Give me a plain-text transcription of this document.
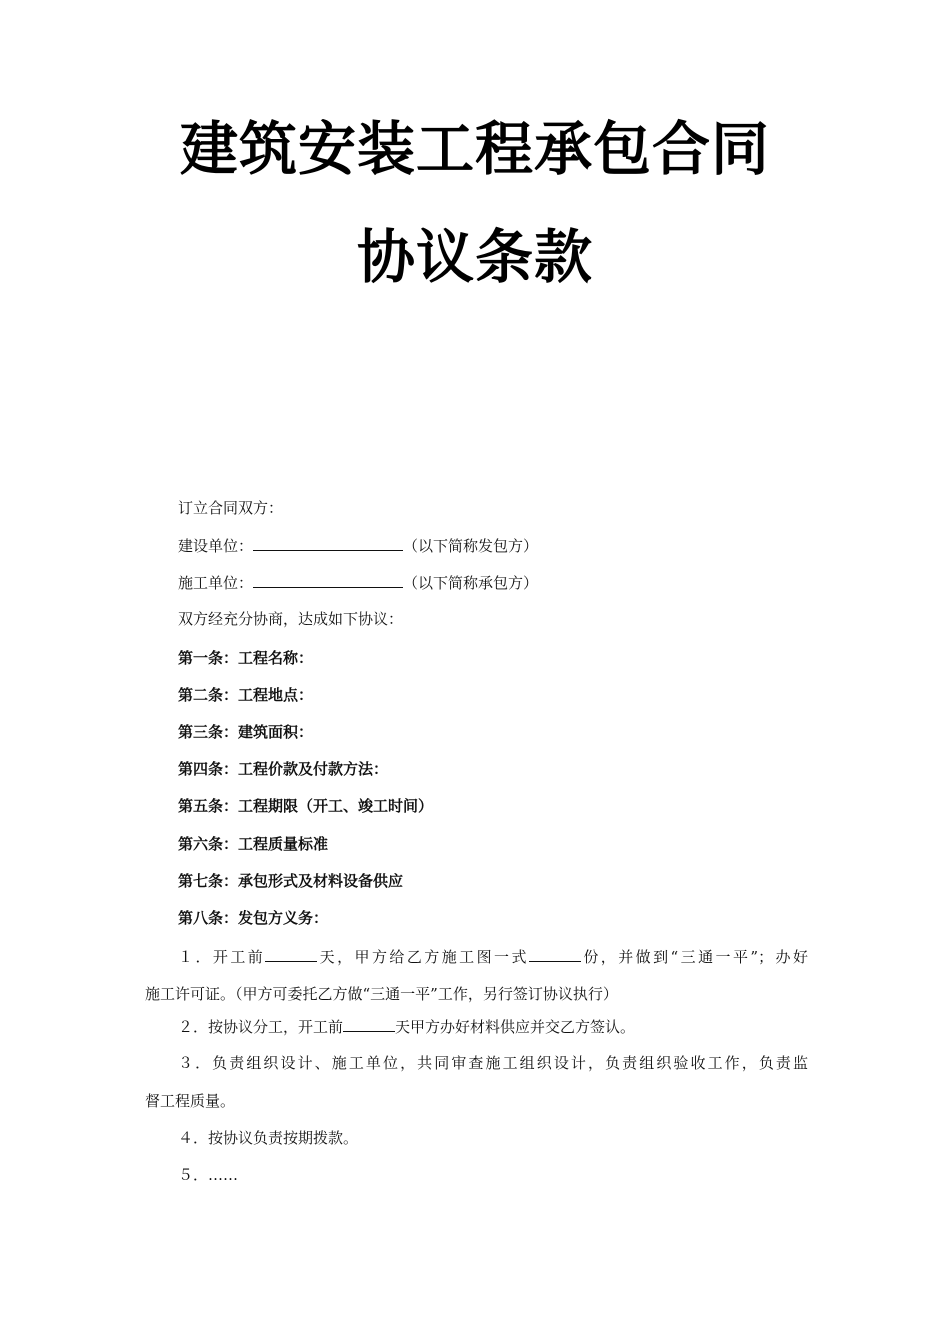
建筑安装工程承包合同
协议条款
订立合同双方：
建设单位：	（以下简称发包方）
施工单位：	（以下简称承包方）
双方经充分协商，达成如下协议：
第一条：工程名称：
第二条：工程地点：
第三条：建筑面积：
第四条：工程价款及付款方法：
第五条：工程期限（开工、竣工时间）
第六条：工程质量标准
第七条：承包形式及材料设备供应
第八条：发包方义务：
１．开工前	天，甲方给乙方施工图一式	份，并做到“三通一平”；办好
施工许可证。（甲方可委托乙方做“三通一平”工作，另行签订协议执行）
２．按协议分工，开工前	天甲方办好材料供应并交乙方签认。
３．负责组织设计、施工单位，共同审查施工组织设计，负责组织验收工作，负责监
督工程质量。
４．按协议负责按期拨款。
５．……
